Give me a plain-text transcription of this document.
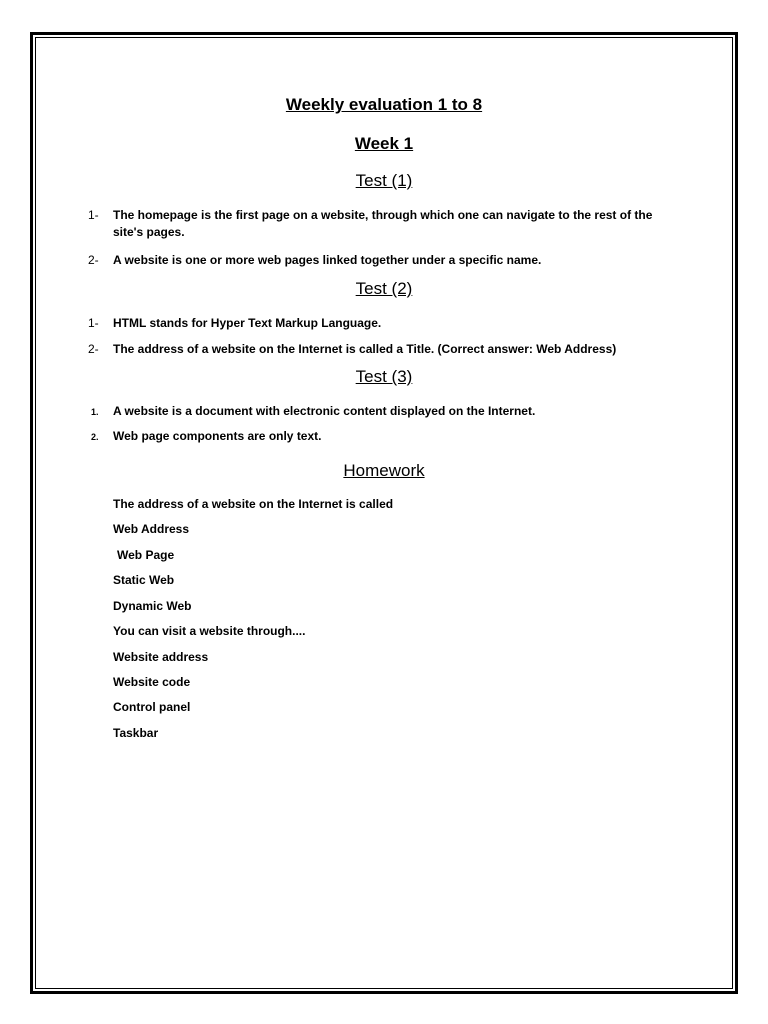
Weekly evaluation 1 to 8
Week 1
Test (1)
1- The homepage is the first page on a website, through which one can navigate to the rest of the site's pages.
2- A website is one or more web pages linked together under a specific name.
Test (2)
1- HTML stands for Hyper Text Markup Language.
2- The address of a website on the Internet is called a Title. (Correct answer: Web Address)
Test (3)
1. A website is a document with electronic content displayed on the Internet.
2. Web page components are only text.
Homework
The address of a website on the Internet is called
Web Address
Web Page
Static Web
Dynamic Web
You can visit a website through....
Website address
Website code
Control panel
Taskbar
